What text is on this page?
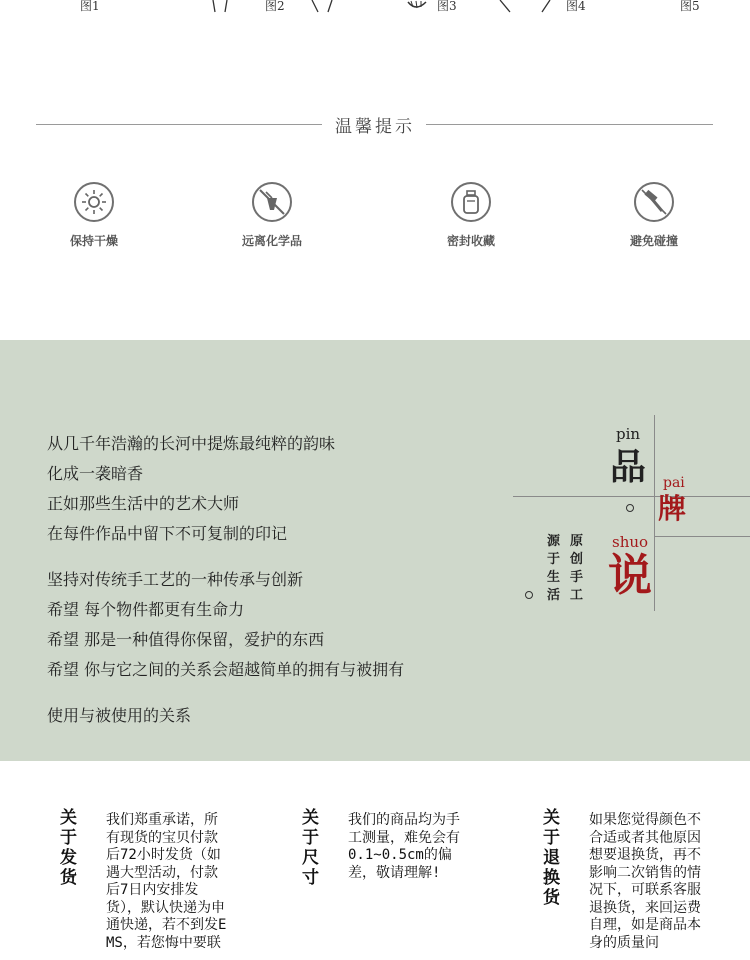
图1	图2	图3	图4	图5
温馨提示
保持干燥	远离化学品	密封收藏	避免碰撞
从几千年浩瀚的长河中提炼最纯粹的韵味
化成一袭暗香
正如那些生活中的艺术大师
在每件作品中留下不可复制的印记
坚持对传统手工艺的一种传承与创新
希望 每个物件都更有生命力
希望 那是一种值得你保留，爱护的东西
希望 你与它之间的关系会超越简单的拥有与被拥有
使用与被使用的关系
pin
品 pai
牌
shuo
说
原创手工
源于生活
关于发货
我们郑重承诺，所有现货的宝贝付款后72小时发货（如遇大型活动，付款后7日内安排发货），默认快递为申通快递，若不到发EMS，若您悔中要联
关于尺寸
我们的商品均为手工测量，难免会有0.1~0.5cm的偏差，敬请理解!
关于退换货
如果您觉得颜色不合适或者其他原因想要退换货，再不影响二次销售的情况下，可联系客服退换货，来回运费自理，如是商品本身的质量问
